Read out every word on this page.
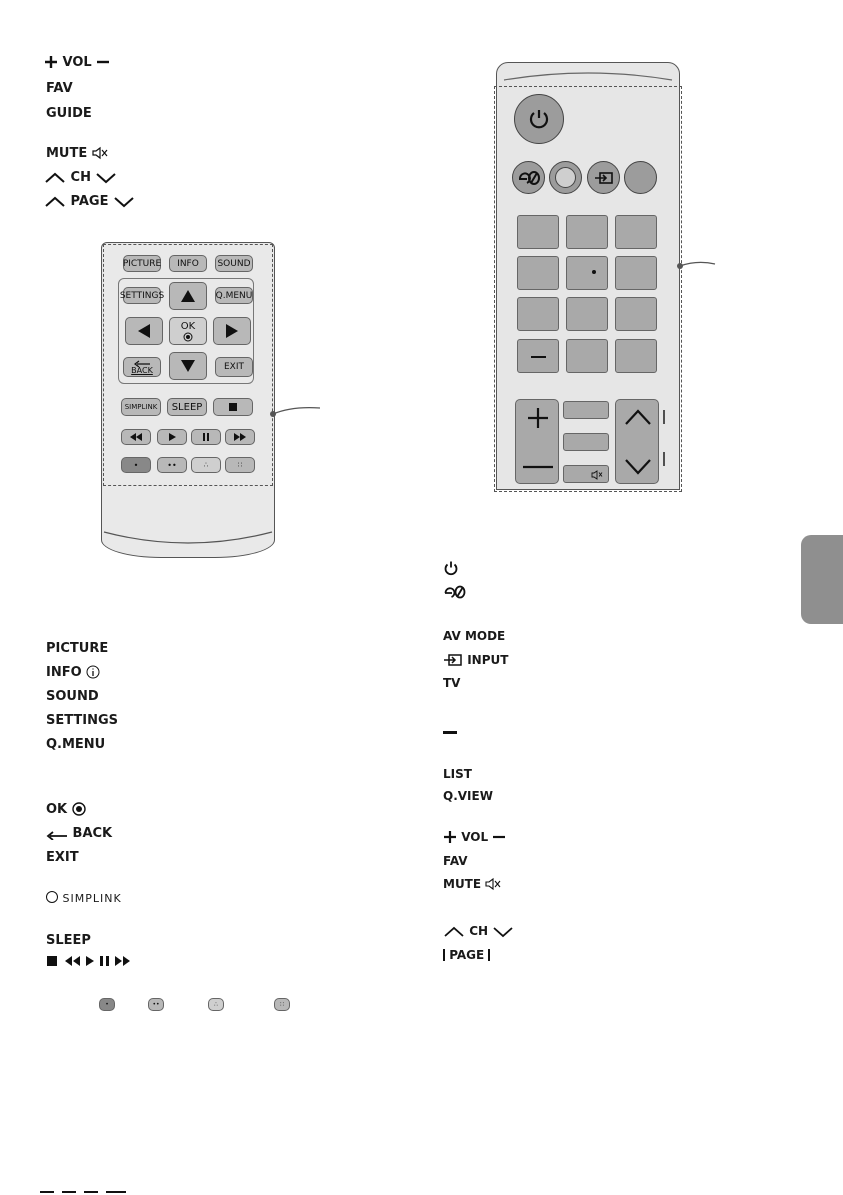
VOL
FAV
GUIDE
MUTE
CH
PAGE
PICTURE	INFO	SOUND
SETTINGS	Q.MENU
OK
BACK	EXIT
SIMPLINK	SLEEP
•	••	∴	∷
PICTURE
INFO
SOUND
SETTINGS
Q.MENU
OK
BACK
EXIT
SIMPLINK
SLEEP
•	••	∴	∷
AV MODE
INPUT
TV
LIST
Q.VIEW
VOL
FAV
MUTE
CH
PAGE
